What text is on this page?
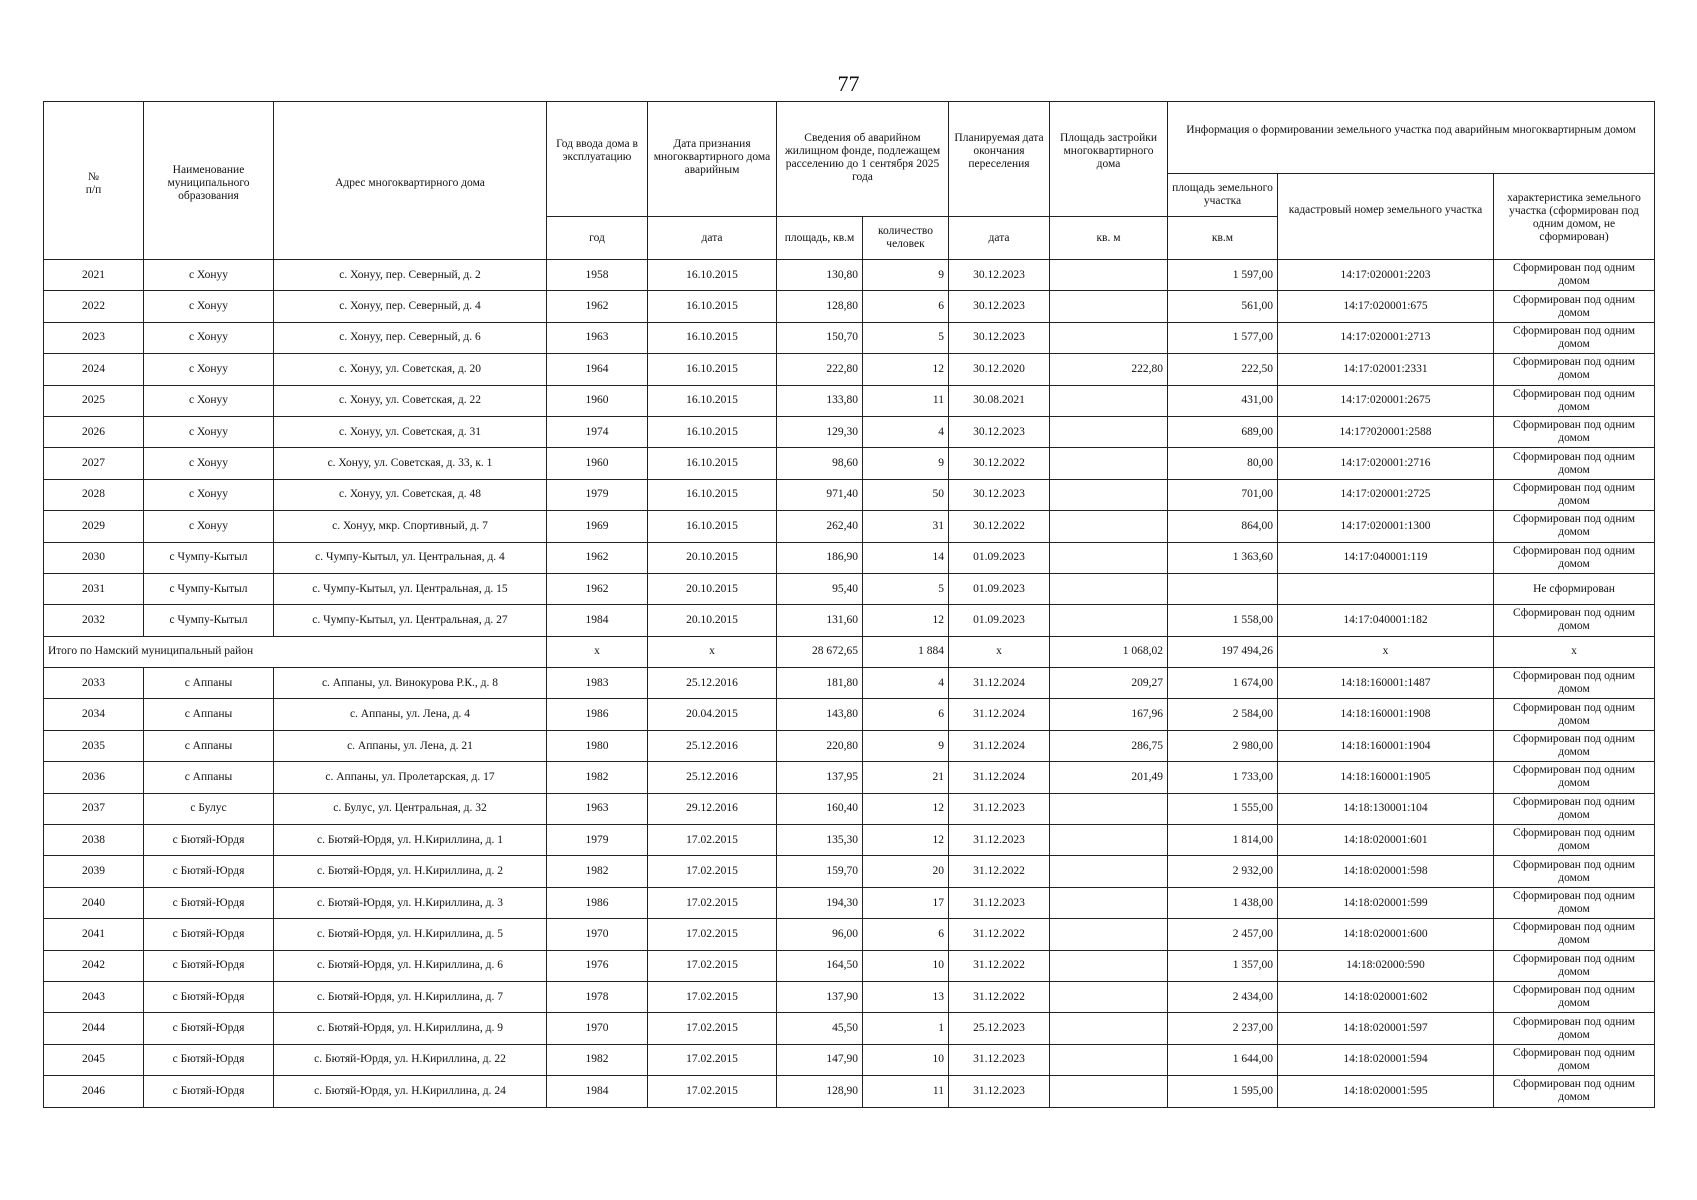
77
№
п/п	Наименование муниципального образования	Адрес многоквартирного дома	Год ввода дома в эксплуатацию	Дата признания многоквартирного дома аварийным	Сведения об аварийном жилищном фонде, подлежащем расселению до 1 сентября 2025 года		Планируемая дата окончания переселения	Площадь застройки многоквартирного дома	Информация о формировании земельного участка под аварийным многоквартирным домом		
									площадь земельного участка	кадастровый номер земельного участка	характеристика земельного участка (сформирован под одним домом, не сформирован)
			год	дата	площадь, кв.м	количество человек	дата	кв. м	кв.м		
2021	с Хонуу	с. Хонуу, пер. Северный, д. 2	1958	16.10.2015	130,80	9	30.12.2023		1 597,00	14:17:020001:2203	Сформирован под одним домом
2022	с Хонуу	с. Хонуу, пер. Северный, д. 4	1962	16.10.2015	128,80	6	30.12.2023		561,00	14:17:020001:675	Сформирован под одним домом
2023	с Хонуу	с. Хонуу, пер. Северный, д. 6	1963	16.10.2015	150,70	5	30.12.2023		1 577,00	14:17:020001:2713	Сформирован под одним домом
2024	с Хонуу	с. Хонуу, ул. Советская, д. 20	1964	16.10.2015	222,80	12	30.12.2020	222,80	222,50	14:17:02001:2331	Сформирован под одним домом
2025	с Хонуу	с. Хонуу, ул. Советская, д. 22	1960	16.10.2015	133,80	11	30.08.2021		431,00	14:17:020001:2675	Сформирован под одним домом
2026	с Хонуу	с. Хонуу, ул. Советская, д. 31	1974	16.10.2015	129,30	4	30.12.2023		689,00	14:17?020001:2588	Сформирован под одним домом
2027	с Хонуу	с. Хонуу, ул. Советская, д. 33, к. 1	1960	16.10.2015	98,60	9	30.12.2022		80,00	14:17:020001:2716	Сформирован под одним домом
2028	с Хонуу	с. Хонуу, ул. Советская, д. 48	1979	16.10.2015	971,40	50	30.12.2023		701,00	14:17:020001:2725	Сформирован под одним домом
2029	с Хонуу	с. Хонуу, мкр. Спортивный, д. 7	1969	16.10.2015	262,40	31	30.12.2022		864,00	14:17:020001:1300	Сформирован под одним домом
2030	с Чумпу-Кытыл	с. Чумпу-Кытыл, ул. Центральная, д. 4	1962	20.10.2015	186,90	14	01.09.2023		1 363,60	14:17:040001:119	Сформирован под одним домом
2031	с Чумпу-Кытыл	с. Чумпу-Кытыл, ул. Центральная, д. 15	1962	20.10.2015	95,40	5	01.09.2023				Не сформирован
2032	с Чумпу-Кытыл	с. Чумпу-Кытыл, ул. Центральная, д. 27	1984	20.10.2015	131,60	12	01.09.2023		1 558,00	14:17:040001:182	Сформирован под одним домом
Итого по Намский муниципальный район			х	х	28 672,65	1 884	х	1 068,02	197 494,26	х	х
2033	с Аппаны	с. Аппаны, ул. Винокурова Р.К., д. 8	1983	25.12.2016	181,80	4	31.12.2024	209,27	1 674,00	14:18:160001:1487	Сформирован под одним домом
2034	с Аппаны	с. Аппаны, ул. Лена, д. 4	1986	20.04.2015	143,80	6	31.12.2024	167,96	2 584,00	14:18:160001:1908	Сформирован под одним домом
2035	с Аппаны	с. Аппаны, ул. Лена, д. 21	1980	25.12.2016	220,80	9	31.12.2024	286,75	2 980,00	14:18:160001:1904	Сформирован под одним домом
2036	с Аппаны	с. Аппаны, ул. Пролетарская, д. 17	1982	25.12.2016	137,95	21	31.12.2024	201,49	1 733,00	14:18:160001:1905	Сформирован под одним домом
2037	с Булус	с. Булус, ул. Центральная, д. 32	1963	29.12.2016	160,40	12	31.12.2023		1 555,00	14:18:130001:104	Сформирован под одним домом
2038	с Бютяй-Юрдя	с. Бютяй-Юрдя, ул. Н.Кириллина, д. 1	1979	17.02.2015	135,30	12	31.12.2023		1 814,00	14:18:020001:601	Сформирован под одним домом
2039	с Бютяй-Юрдя	с. Бютяй-Юрдя, ул. Н.Кириллина, д. 2	1982	17.02.2015	159,70	20	31.12.2022		2 932,00	14:18:020001:598	Сформирован под одним домом
2040	с Бютяй-Юрдя	с. Бютяй-Юрдя, ул. Н.Кириллина, д. 3	1986	17.02.2015	194,30	17	31.12.2023		1 438,00	14:18:020001:599	Сформирован под одним домом
2041	с Бютяй-Юрдя	с. Бютяй-Юрдя, ул. Н.Кириллина, д. 5	1970	17.02.2015	96,00	6	31.12.2022		2 457,00	14:18:020001:600	Сформирован под одним домом
2042	с Бютяй-Юрдя	с. Бютяй-Юрдя, ул. Н.Кириллина, д. 6	1976	17.02.2015	164,50	10	31.12.2022		1 357,00	14:18:02000:590	Сформирован под одним домом
2043	с Бютяй-Юрдя	с. Бютяй-Юрдя, ул. Н.Кириллина, д. 7	1978	17.02.2015	137,90	13	31.12.2022		2 434,00	14:18:020001:602	Сформирован под одним домом
2044	с Бютяй-Юрдя	с. Бютяй-Юрдя, ул. Н.Кириллина, д. 9	1970	17.02.2015	45,50	1	25.12.2023		2 237,00	14:18:020001:597	Сформирован под одним домом
2045	с Бютяй-Юрдя	с. Бютяй-Юрдя, ул. Н.Кириллина, д. 22	1982	17.02.2015	147,90	10	31.12.2023		1 644,00	14:18:020001:594	Сформирован под одним домом
2046	с Бютяй-Юрдя	с. Бютяй-Юрдя, ул. Н.Кириллина, д. 24	1984	17.02.2015	128,90	11	31.12.2023		1 595,00	14:18:020001:595	Сформирован под одним домом
